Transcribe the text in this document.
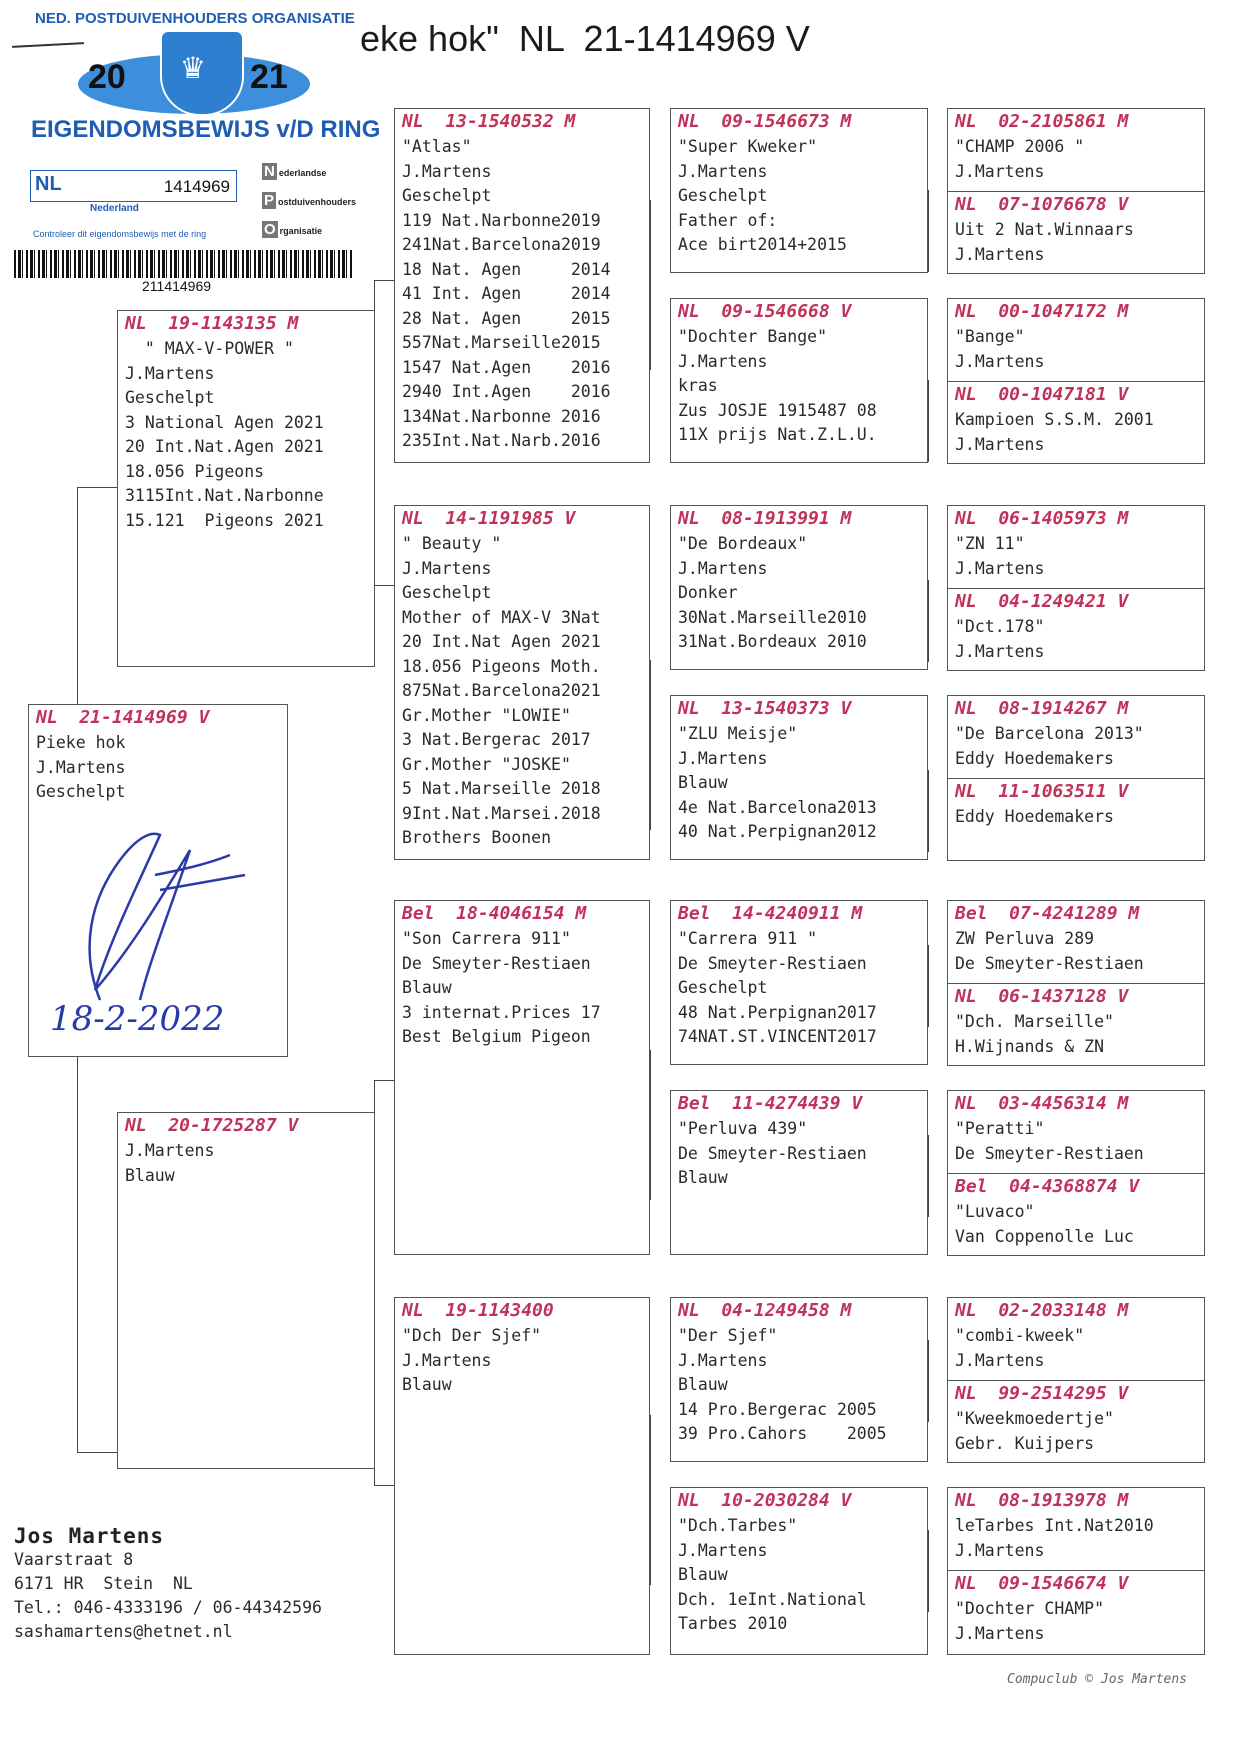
NED. POSTDUIVENHOUDERS ORGANISATIE
20	21
♛
EIGENDOMSBEWIJS v/D RING
NL	1414969
N ederlandse
P ostduivenhouders
O rganisatie
Nederland
Controleer dit eigendomsbewijs met de ring
211414969
eke hok"  NL  21-1414969 V
NL  21-1414969 V
Pieke hok
J.Martens
Geschelpt
18-2-2022
NL  19-1143135 M
" MAX-V-POWER "
J.Martens
Geschelpt
3 National Agen 2021
20 Int.Nat.Agen 2021
18.056 Pigeons
3115Int.Nat.Narbonne
15.121  Pigeons 2021
NL  20-1725287 V
J.Martens
Blauw
NL  13-1540532 M
"Atlas"
J.Martens
Geschelpt
119 Nat.Narbonne2019
241Nat.Barcelona2019
18 Nat. Agen     2014
41 Int. Agen     2014
28 Nat. Agen     2015
557Nat.Marseille2015
1547 Nat.Agen    2016
2940 Int.Agen    2016
134Nat.Narbonne 2016
235Int.Nat.Narb.2016
NL  14-1191985 V
" Beauty "
J.Martens
Geschelpt
Mother of MAX-V 3Nat
20 Int.Nat Agen 2021
18.056 Pigeons Moth.
875Nat.Barcelona2021
Gr.Mother "LOWIE"
3 Nat.Bergerac 2017
Gr.Mother "JOSKE"
5 Nat.Marseille 2018
9Int.Nat.Marsei.2018
Brothers Boonen
Bel  18-4046154 M
"Son Carrera 911"
De Smeyter-Restiaen
Blauw
3 internat.Prices 17
Best Belgium Pigeon
NL  19-1143400
"Dch Der Sjef"
J.Martens
Blauw
NL  09-1546673 M
"Super Kweker"
J.Martens
Geschelpt
Father of:
Ace birt2014+2015
NL  09-1546668 V
"Dochter Bange"
J.Martens
kras
Zus JOSJE 1915487 08
11X prijs Nat.Z.L.U.
NL  08-1913991 M
"De Bordeaux"
J.Martens
Donker
30Nat.Marseille2010
31Nat.Bordeaux 2010
NL  13-1540373 V
"ZLU Meisje"
J.Martens
Blauw
4e Nat.Barcelona2013
40 Nat.Perpignan2012
Bel  14-4240911 M
"Carrera 911 "
De Smeyter-Restiaen
Geschelpt
48 Nat.Perpignan2017
74NAT.ST.VINCENT2017
Bel  11-4274439 V
"Perluva 439"
De Smeyter-Restiaen
Blauw
NL  04-1249458 M
"Der Sjef"
J.Martens
Blauw
14 Pro.Bergerac 2005
39 Pro.Cahors    2005
NL  10-2030284 V
"Dch.Tarbes"
J.Martens
Blauw
Dch. 1eInt.National
Tarbes 2010
NL  02-2105861 M
"CHAMP 2006 "
J.Martens
NL  07-1076678 V
Uit 2 Nat.Winnaars
J.Martens
NL  00-1047172 M
"Bange"
J.Martens
NL  00-1047181 V
Kampioen S.S.M. 2001
J.Martens
NL  06-1405973 M
"ZN 11"
J.Martens
NL  04-1249421 V
"Dct.178"
J.Martens
NL  08-1914267 M
"De Barcelona 2013"
Eddy Hoedemakers
NL  11-1063511 V
Eddy Hoedemakers
Bel  07-4241289 M
ZW Perluva 289
De Smeyter-Restiaen
NL  06-1437128 V
"Dch. Marseille"
H.Wijnands & ZN
NL  03-4456314 M
"Peratti"
De Smeyter-Restiaen
Bel  04-4368874 V
"Luvaco"
Van Coppenolle Luc
NL  02-2033148 M
"combi-kweek"
J.Martens
NL  99-2514295 V
"Kweekmoedertje"
Gebr. Kuijpers
NL  08-1913978 M
leTarbes Int.Nat2010
J.Martens
NL  09-1546674 V
"Dochter CHAMP"
J.Martens
Jos Martens
Vaarstraat 8
6171 HR  Stein  NL
Tel.: 046-4333196 / 06-44342596
sashamartens@hetnet.nl
Compuclub © Jos Martens
